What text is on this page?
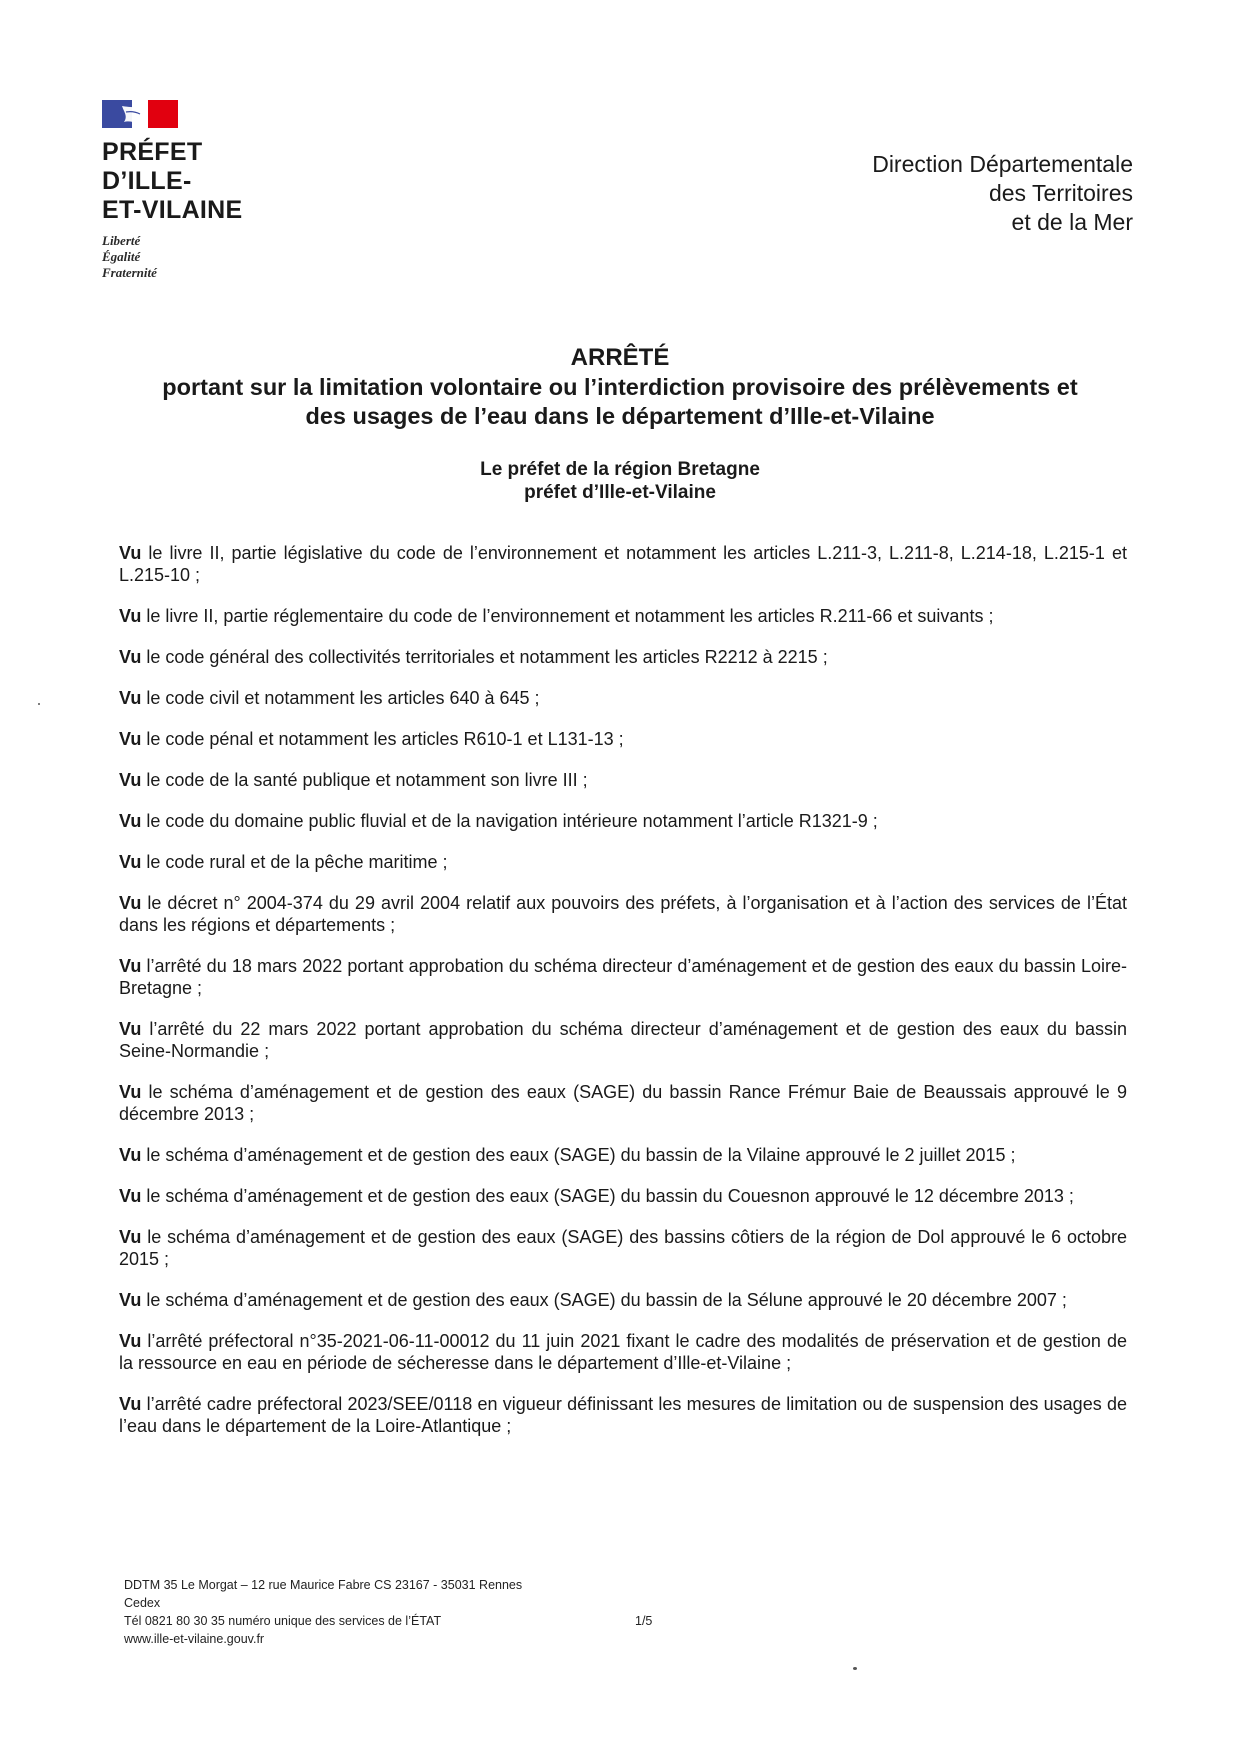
PRÉFET
D’ILLE-
ET-VILAINE
Liberté
Égalité
Fraternité
Direction Départementale
des Territoires
et de la Mer
ARRÊTÉ
portant sur la limitation volontaire ou l’interdiction provisoire des prélèvements et
des usages de l’eau dans le département d’Ille-et-Vilaine
Le préfet de la région Bretagne
préfet d’Ille-et-Vilaine

Vu le livre II, partie législative du code de l’environnement et notamment les articles L.211-3, L.211-8, L.214-18, L.215-1 et L.215-10 ;

Vu le livre II, partie réglementaire du code de l’environnement et notamment les articles R.211-66 et suivants ;

Vu le code général des collectivités territoriales et notamment les articles R2212 à 2215 ;

Vu le code civil et notamment les articles 640 à 645 ;

Vu le code pénal et notamment les articles R610-1 et L131-13 ;

Vu le code de la santé publique et notamment son livre III ;

Vu le code du domaine public fluvial et de la navigation intérieure notamment l’article R1321-9 ;

Vu le code rural et de la pêche maritime ;

Vu le décret n° 2004-374 du 29 avril 2004 relatif aux pouvoirs des préfets, à l’organisation et à l’action des services de l’État dans les régions et départements ;

Vu l’arrêté du 18 mars 2022 portant approbation du schéma directeur d’aménagement et de gestion des eaux du bassin Loire-Bretagne ;

Vu l’arrêté du 22 mars 2022 portant approbation du schéma directeur d’aménagement et de gestion des eaux du bassin Seine-Normandie ;

Vu le schéma d’aménagement et de gestion des eaux (SAGE) du bassin Rance Frémur Baie de Beaussais approuvé le 9 décembre 2013 ;

Vu le schéma d’aménagement et de gestion des eaux (SAGE) du bassin de la Vilaine approuvé le 2 juillet 2015 ;

Vu le schéma d’aménagement et de gestion des eaux (SAGE) du bassin du Couesnon approuvé le 12 décembre 2013 ;

Vu le schéma d’aménagement et de gestion des eaux (SAGE) des bassins côtiers de la région de Dol approuvé le 6 octobre 2015 ;

Vu le schéma d’aménagement et de gestion des eaux (SAGE) du bassin de la Sélune approuvé le 20 décembre 2007 ;

Vu l’arrêté préfectoral n°35-2021-06-11-00012 du 11 juin 2021 fixant le cadre des modalités de préservation et de gestion de la ressource en eau en période de sécheresse dans le département d’Ille-et-Vilaine ;

Vu l’arrêté cadre préfectoral 2023/SEE/0118 en vigueur définissant les mesures de limitation ou de suspension des usages de l’eau dans le département de la Loire-Atlantique ;

DDTM 35 Le Morgat – 12 rue Maurice Fabre CS 23167 - 35031 Rennes
Cedex
Tél 0821 80 30 35 numéro unique des services de l’ÉTAT
www.ille-et-vilaine.gouv.fr
1/5
